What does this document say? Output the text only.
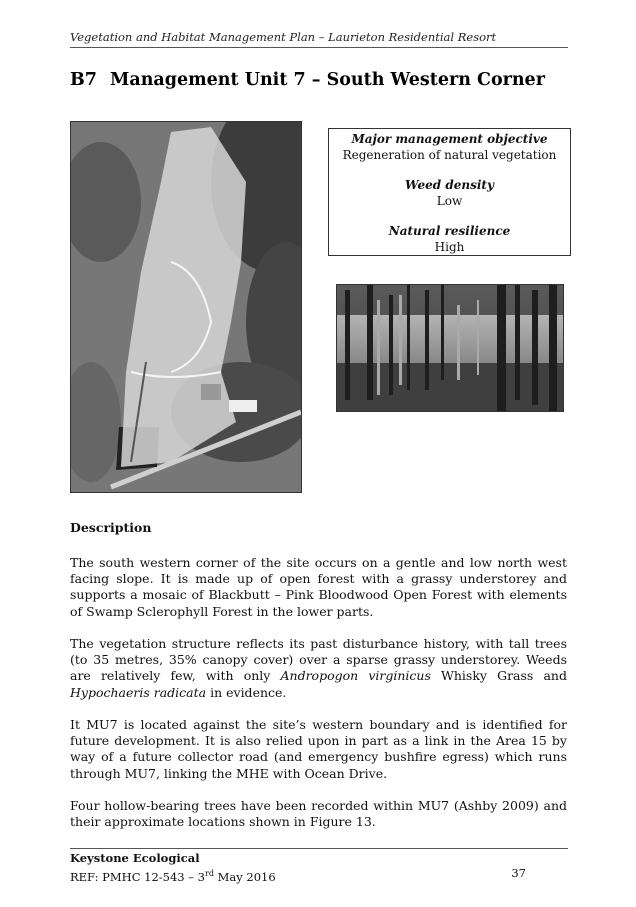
Vegetation and Habitat Management Plan – Laurieton Residential Resort
B7 Management Unit 7 – South Western Corner
Major management objective
Regeneration of natural vegetation
Weed density
Low
Natural resilience
High
Description

The south western corner of the site occurs on a gentle and low north west facing slope. It is made up of open forest with a grassy understorey and supports a mosaic of Blackbutt – Pink Bloodwood Open Forest with elements of Swamp Sclerophyll Forest in the lower parts.

The vegetation structure reflects its past disturbance history, with tall trees (to 35 metres, 35% canopy cover) over a sparse grassy understorey. Weeds are relatively few, with only Andropogon virginicus Whisky Grass and Hypochaeris radicata in evidence.

It MU7 is located against the site’s western boundary and is identified for future development. It is also relied upon in part as a link in the Area 15 by way of a future collector road (and emergency bushfire egress) which runs through MU7, linking the MHE with Ocean Drive.

Four hollow-bearing trees have been recorded within MU7 (Ashby 2009) and their approximate locations shown in Figure 13.

Keystone Ecological
REF: PMHC 12-543 – 3rd May 2016	37
